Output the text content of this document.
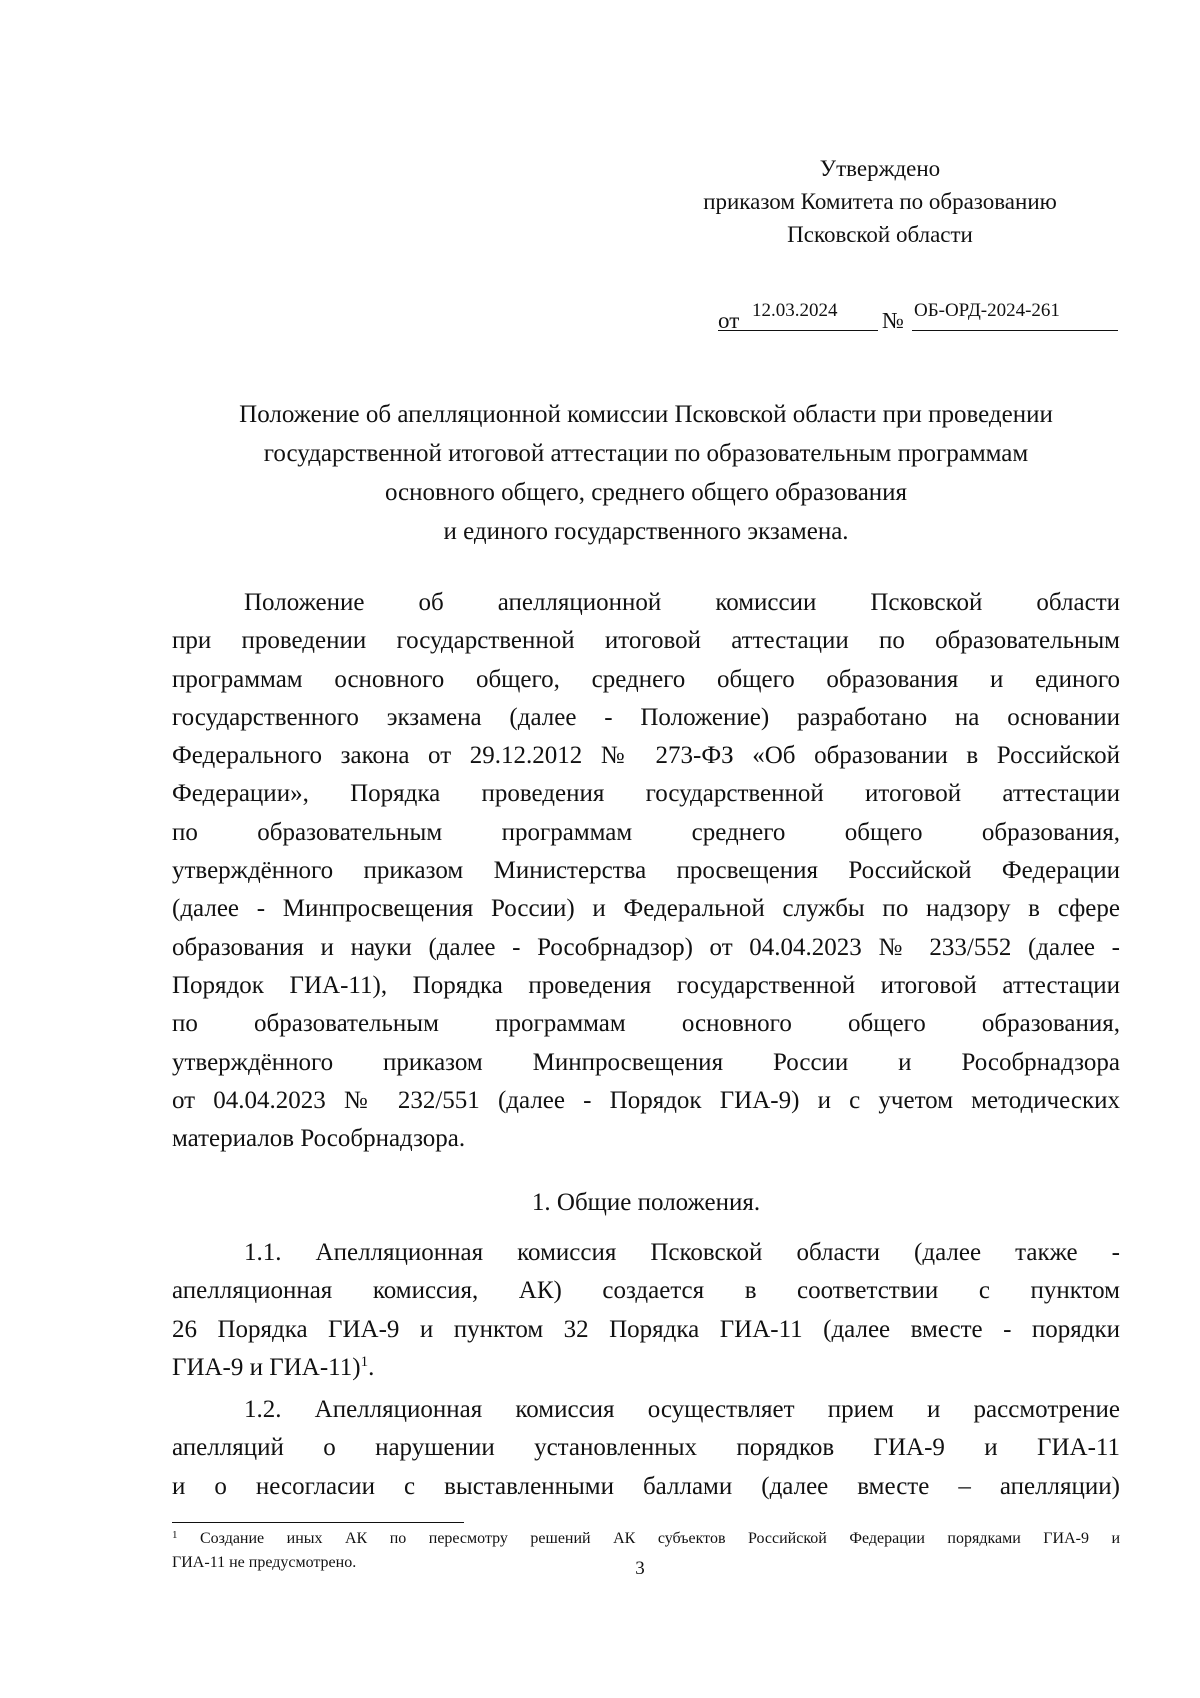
Утверждено
приказом Комитета по образованию
Псковской области
от 12.03.2024 № ОБ-ОРД-2024-261
Положение об апелляционной комиссии Псковской области при проведении
государственной итоговой аттестации по образовательным программам
основного общего, среднего общего образования
и единого государственного экзамена.
Положение об апелляционной комиссии Псковской области
при проведении государственной итоговой аттестации по образовательным
программам основного общего, среднего общего образования и единого
государственного экзамена (далее - Положение) разработано на основании
Федерального закона от 29.12.2012 № 273-ФЗ «Об образовании в Российской
Федерации», Порядка проведения государственной итоговой аттестации
по образовательным программам среднего общего образования,
утверждённого приказом Министерства просвещения Российской Федерации
(далее - Минпросвещения России) и Федеральной службы по надзору в сфере
образования и науки (далее - Рособрнадзор) от 04.04.2023 № 233/552 (далее -
Порядок ГИА-11), Порядка проведения государственной итоговой аттестации
по образовательным программам основного общего образования,
утверждённого приказом Минпросвещения России и Рособрнадзора
от 04.04.2023 № 232/551 (далее - Порядок ГИА-9) и с учетом методических
материалов Рособрнадзора.
1. Общие положения.
1.1. Апелляционная комиссия Псковской области (далее также -
апелляционная комиссия, АК) создается в соответствии с пунктом
26 Порядка ГИА-9 и пунктом 32 Порядка ГИА-11 (далее вместе - порядки
ГИА-9 и ГИА-11)$^1$.
1.2. Апелляционная комиссия осуществляет прием и рассмотрение
апелляций о нарушении установленных порядков ГИА-9 и ГИА-11
и о несогласии с выставленными баллами (далее вместе – апелляции)
$^1$ Создание иных АК по пересмотру решений АК субъектов Российской Федерации порядками ГИА-9 и
ГИА-11 не предусмотрено.	3
